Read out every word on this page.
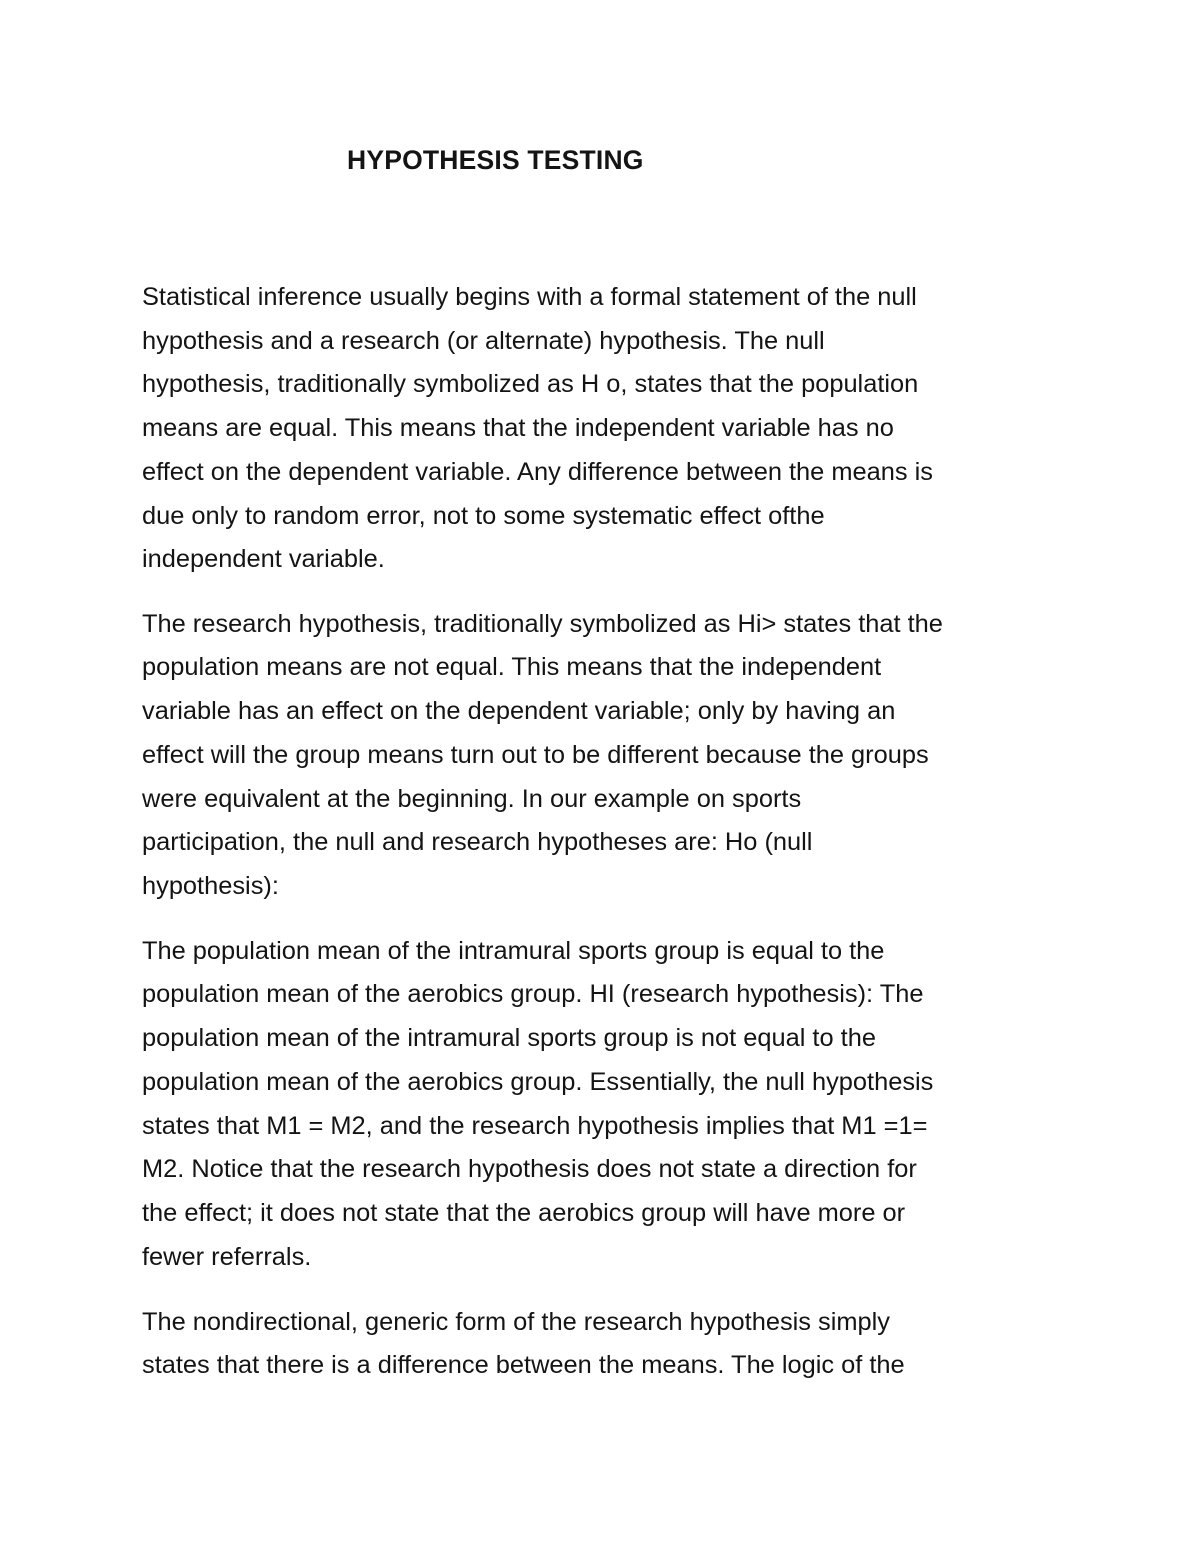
HYPOTHESIS TESTING
Statistical inference usually begins with a formal statement of the null
hypothesis and a research (or alternate) hypothesis. The null
hypothesis, traditionally symbolized as H o, states that the population
means are equal. This means that the independent variable has no
effect on the dependent variable. Any difference between the means is
due only to random error, not to some systematic effect ofthe
independent variable.
The research hypothesis, traditionally symbolized as Hi> states that the
population means are not equal. This means that the independent
variable has an effect on the dependent variable; only by having an
effect will the group means turn out to be different because the groups
were equivalent at the beginning. In our example on sports
participation, the null and research hypotheses are: Ho (null
hypothesis):
The population mean of the intramural sports group is equal to the
population mean of the aerobics group. HI (research hypothesis): The
population mean of the intramural sports group is not equal to the
population mean of the aerobics group. Essentially, the null hypothesis
states that M1 = M2, and the research hypothesis implies that M1 =1=
M2. Notice that the research hypothesis does not state a direction for
the effect; it does not state that the aerobics group will have more or
fewer referrals.
The nondirectional, generic form of the research hypothesis simply
states that there is a difference between the means. The logic of the
